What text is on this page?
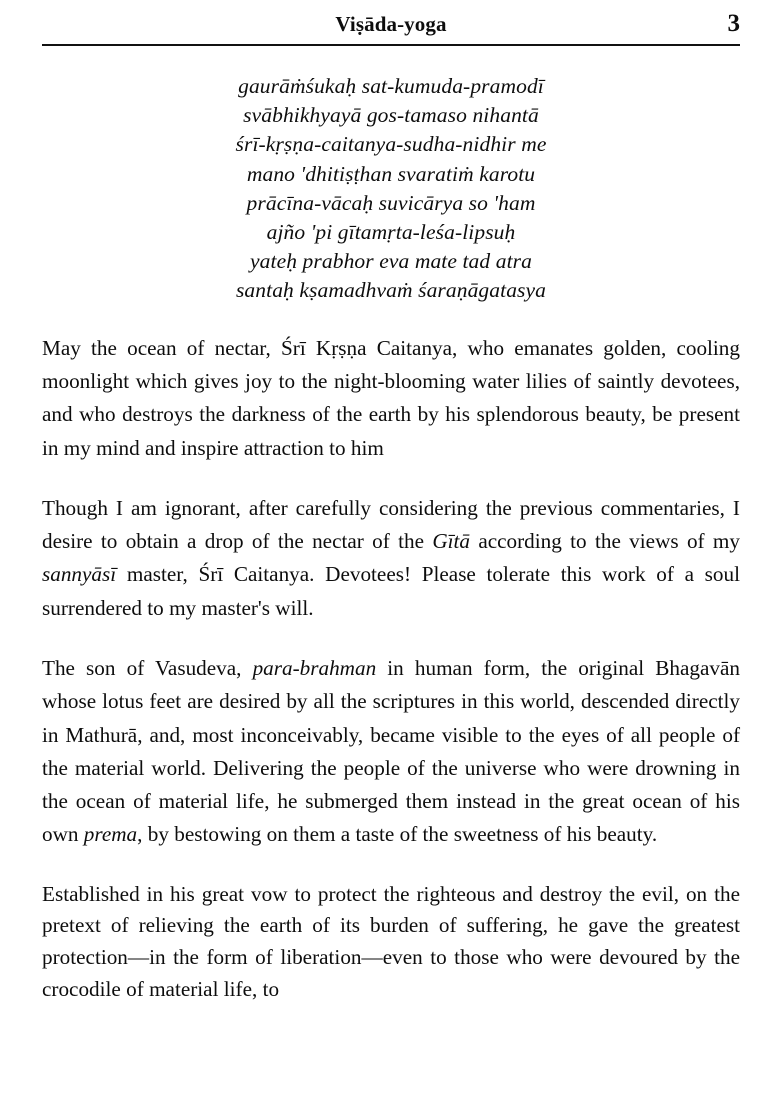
Viṣāda-yoga	3
gaurāṁśukaḥ sat-kumuda-pramodī
svābhikhyayā gos-tamaso nihantā
śrī-kṛṣṇa-caitanya-sudha-nidhir me
mano 'dhitiṣṭhan svaratiṁ karotu
prācīna-vācaḥ suvicārya so 'ham
ajño 'pi gītamṛta-leśa-lipsuḥ
yateḥ prabhor eva mate tad atra
santaḥ kṣamadhvaṁ śaraṇāgatasya

May the ocean of nectar, Śrī Kṛṣṇa Caitanya, who emanates golden, cooling moonlight which gives joy to the night-blooming water lilies of saintly devotees, and who destroys the darkness of the earth by his splendorous beauty, be present in my mind and inspire attraction to him

Though I am ignorant, after carefully considering the previous commentaries, I desire to obtain a drop of the nectar of the Gītā according to the views of my sannyāsī master, Śrī Caitanya. Devotees! Please tolerate this work of a soul surrendered to my master's will.

The son of Vasudeva, para-brahman in human form, the original Bhagavān whose lotus feet are desired by all the scriptures in this world, descended directly in Mathurā, and, most inconceivably, became visible to the eyes of all people of the material world. Delivering the people of the universe who were drowning in the ocean of material life, he submerged them instead in the great ocean of his own prema, by bestowing on them a taste of the sweetness of his beauty.

Established in his great vow to protect the righteous and destroy the evil, on the pretext of relieving the earth of its burden of suffering, he gave the greatest protection—in the form of liberation—even to those who were devoured by the crocodile of material life, to
